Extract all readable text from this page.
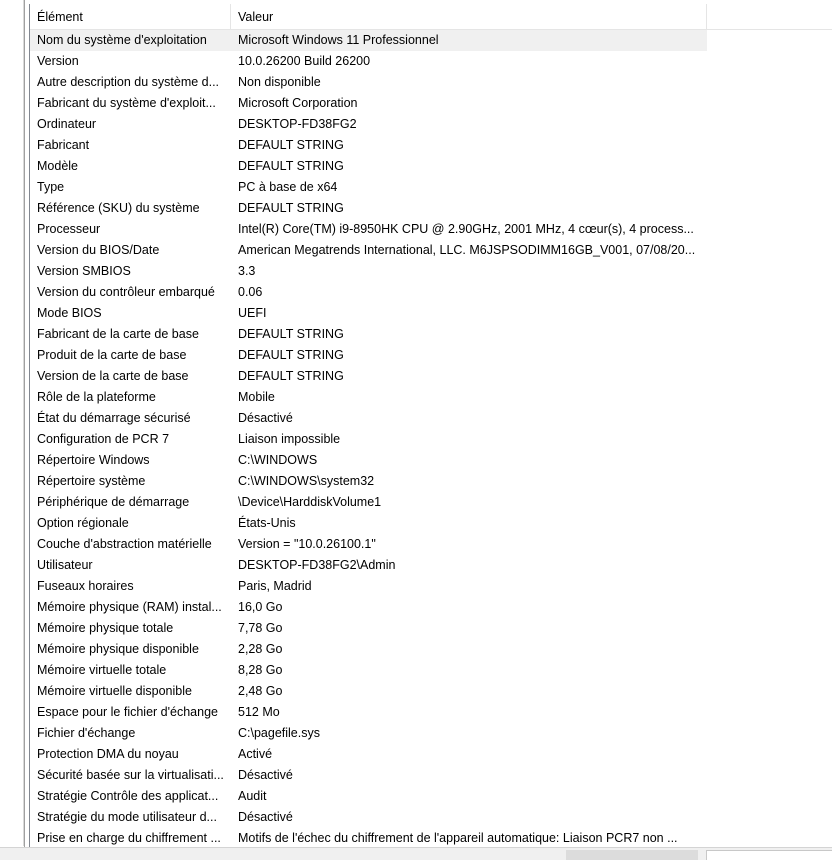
Élément	Valeur
Nom du système d'exploitation	Microsoft Windows 11 Professionnel
Version	10.0.26200 Build 26200
Autre description du système d...	Non disponible
Fabricant du système d'exploit...	Microsoft Corporation
Ordinateur	DESKTOP-FD38FG2
Fabricant	DEFAULT STRING
Modèle	DEFAULT STRING
Type	PC à base de x64
Référence (SKU) du système	DEFAULT STRING
Processeur	Intel(R) Core(TM) i9-8950HK CPU @ 2.90GHz, 2001 MHz, 4 cœur(s), 4 process...
Version du BIOS/Date	American Megatrends International, LLC. M6JSPSODIMM16GB_V001, 07/08/20...
Version SMBIOS	3.3
Version du contrôleur embarqué	0.06
Mode BIOS	UEFI
Fabricant de la carte de base	DEFAULT STRING
Produit de la carte de base	DEFAULT STRING
Version de la carte de base	DEFAULT STRING
Rôle de la plateforme	Mobile
État du démarrage sécurisé	Désactivé
Configuration de PCR 7	Liaison impossible
Répertoire Windows	C:\WINDOWS
Répertoire système	C:\WINDOWS\system32
Périphérique de démarrage	\Device\HarddiskVolume1
Option régionale	États-Unis
Couche d'abstraction matérielle	Version = "10.0.26100.1"
Utilisateur	DESKTOP-FD38FG2\Admin
Fuseaux horaires	Paris, Madrid
Mémoire physique (RAM) instal...	16,0 Go
Mémoire physique totale	7,78 Go
Mémoire physique disponible	2,28 Go
Mémoire virtuelle totale	8,28 Go
Mémoire virtuelle disponible	2,48 Go
Espace pour le fichier d'échange	512 Mo
Fichier d'échange	C:\pagefile.sys
Protection DMA du noyau	Activé
Sécurité basée sur la virtualisati...	Désactivé
Stratégie Contrôle des applicat...	Audit
Stratégie du mode utilisateur d...	Désactivé
Prise en charge du chiffrement ...	Motifs de l'échec du chiffrement de l'appareil automatique: Liaison PCR7 non ...
